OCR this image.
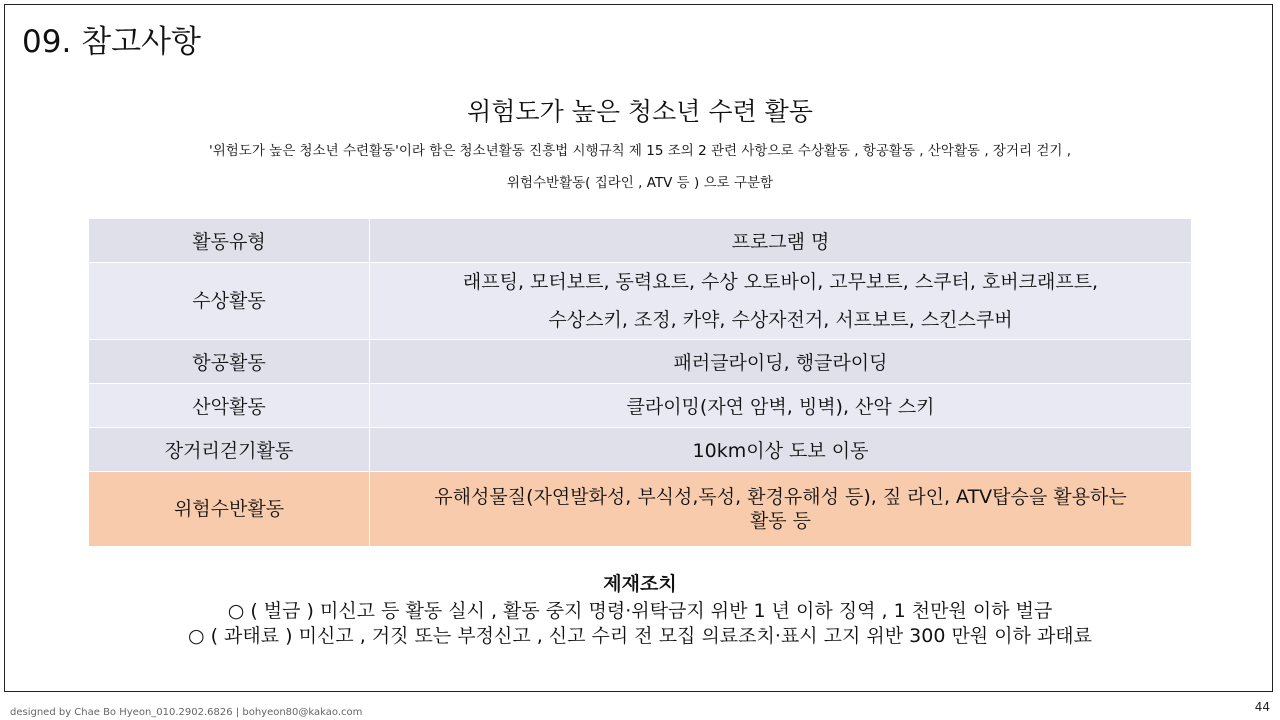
09. 참고사항
위험도가 높은 청소년 수련 활동
'위험도가 높은 청소년 수련활동'이라 함은 청소년활동 진흥법 시행규칙 제 15 조의 2 관련 사항으로 수상활동 , 항공활동 , 산악활동 , 장거리 걷기 ,
위험수반활동( 집라인 , ATV 등 ) 으로 구분함
활동유형	프로그램 명
수상활동	래프팅, 모터보트, 동력요트, 수상 오토바이, 고무보트, 스쿠터, 호버크래프트,
수상스키, 조정, 카약, 수상자전거, 서프보트, 스킨스쿠버

항공활동	패러글라이딩, 행글라이딩
산악활동	클라이밍(자연 암벽, 빙벽), 산악 스키
장거리걷기활동	10km이상 도보 이동
위험수반활동	유해성물질(자연발화성, 부식성,독성, 환경유해성 등), 짚 라인, ATV탑승을 활용하는
활동 등
제재조치
○ ( 벌금 ) 미신고 등 활동 실시 , 활동 중지 명령·위탁금지 위반 1 년 이하 징역 , 1 천만원 이하 벌금
○ ( 과태료 ) 미신고 , 거짓 또는 부정신고 , 신고 수리 전 모집 의료조치·표시 고지 위반 300 만원 이하 과태료
designed by Chae Bo Hyeon_010.2902.6826 | bohyeon80@kakao.com	44
